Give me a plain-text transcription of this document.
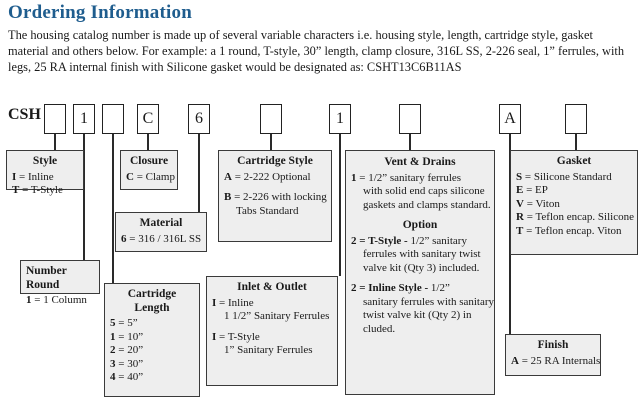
Ordering Information

The housing catalog number is made up of several variable characters i.e. housing style, length, cartridge style, gasket material and others below. For example: a 1 round, T-style, 30” length, clamp closure, 316L SS, 2-226 seal, 1” ferrules, with legs, 25 RA internal finish with Silicone gasket would be designated as: CSHT13C6B11AS

CSH	1	C	6	1	A
Style
I = Inline
T = T-Style
Number Round
1 = 1 Column	Cartridge Length
5 = 5”
1 = 10”
2 = 20”
3 = 30”
4 = 40”
Closure
C = Clamp
Material
6 = 316 / 316L SS
Cartridge Style
A = 2-222 Optional
B = 2-226 with locking
Tabs Standard
Inlet & Outlet
I = Inline
1 1/2” Sanitary Ferrules
I = T-Style
1” Sanitary Ferrules
Vent & Drains
1 = 1/2” sanitary ferrules
with solid end caps silicone
gaskets and clamps standard.
Option
2 = T-Style - 1/2” sanitary
ferrules with sanitary twist
valve kit (Qty 3) included.
2 = Inline Style - 1/2”
sanitary ferrules with sanitary
twist valve kit (Qty 2) in
cluded.
Gasket
S = Silicone Standard
E = EP
V = Viton
R = Teflon encap. Silicone
T = Teflon encap. Viton
Finish
A = 25 RA Internals
